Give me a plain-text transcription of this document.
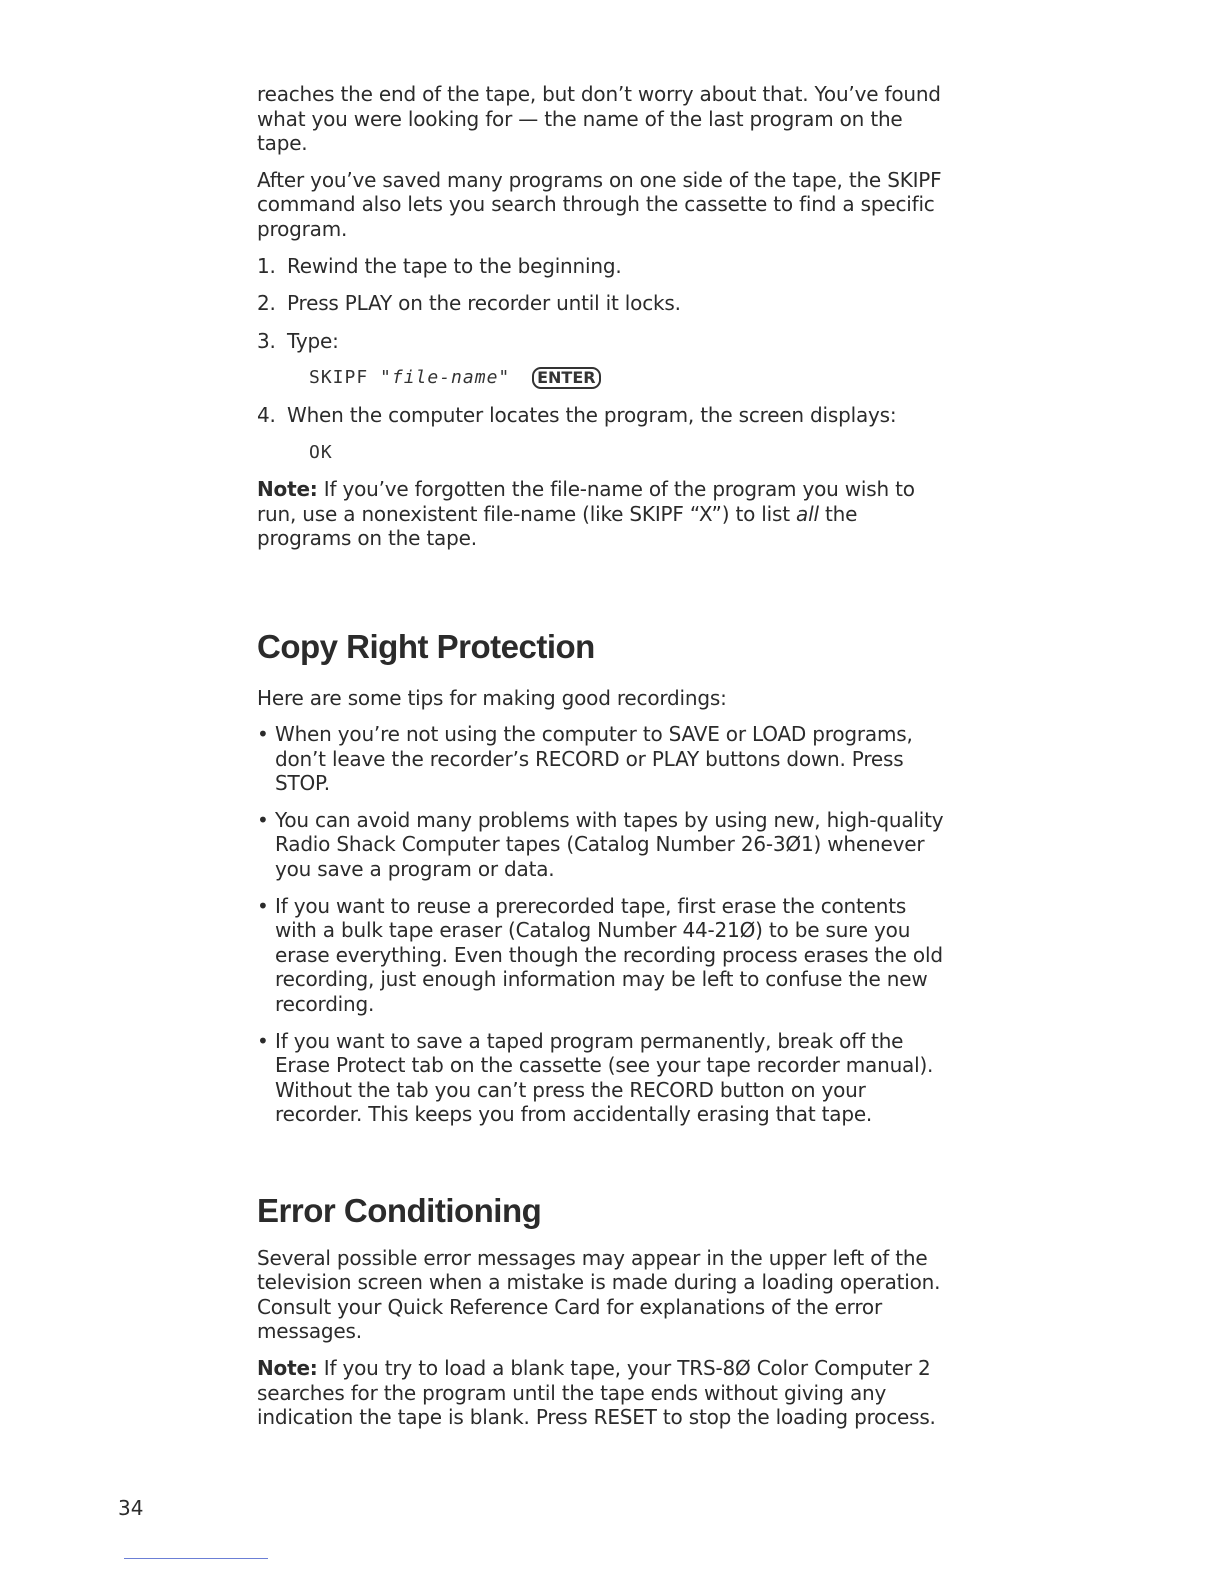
reaches the end of the tape, but don’t worry about that. You’ve found what you were looking for — the name of the last program on the tape.

After you’ve saved many programs on one side of the tape, the SKIPF command also lets you search through the cassette to find a specific program.

1. Rewind the tape to the beginning.
2. Press PLAY on the recorder until it locks.
3. Type:
SKIPF "file-name" ENTER
4. When the computer locates the program, the screen displays:
OK

Note: If you’ve forgotten the file-name of the program you wish to run, use a nonexistent file-name (like SKIPF “X”) to list all the programs on the tape.

Copy Right Protection

Here are some tips for making good recordings:

• When you’re not using the computer to SAVE or LOAD programs, don’t leave the recorder’s RECORD or PLAY buttons down. Press STOP.
• You can avoid many problems with tapes by using new, high-quality Radio Shack Computer tapes (Catalog Number 26-3Ø1) whenever you save a program or data.
• If you want to reuse a prerecorded tape, first erase the contents with a bulk tape eraser (Catalog Number 44-21Ø) to be sure you erase everything. Even though the recording process erases the old recording, just enough information may be left to confuse the new recording.
• If you want to save a taped program permanently, break off the Erase Protect tab on the cassette (see your tape recorder manual). Without the tab you can’t press the RECORD button on your recorder. This keeps you from accidentally erasing that tape.
Error Conditioning

Several possible error messages may appear in the upper left of the television screen when a mistake is made during a loading operation. Consult your Quick Reference Card for explanations of the error messages.

Note: If you try to load a blank tape, your TRS-8Ø Color Computer 2 searches for the program until the tape ends without giving any indication the tape is blank. Press RESET to stop the loading process.

34
